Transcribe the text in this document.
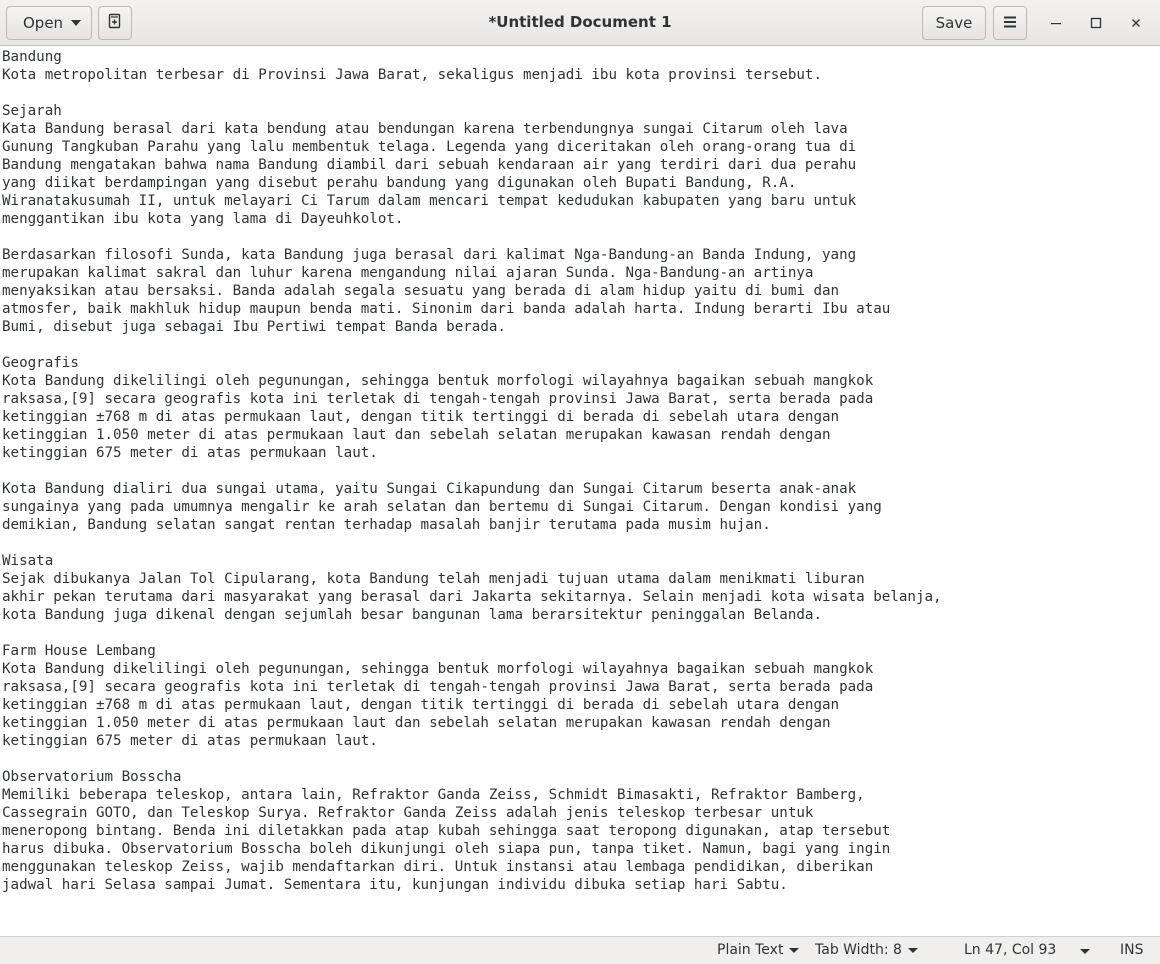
Open	*Untitled Document 1	Save
Bandung
Kota metropolitan terbesar di Provinsi Jawa Barat, sekaligus menjadi ibu kota provinsi tersebut.

Sejarah
Kata Bandung berasal dari kata bendung atau bendungan karena terbendungnya sungai Citarum oleh lava
Gunung Tangkuban Parahu yang lalu membentuk telaga. Legenda yang diceritakan oleh orang-orang tua di
Bandung mengatakan bahwa nama Bandung diambil dari sebuah kendaraan air yang terdiri dari dua perahu
yang diikat berdampingan yang disebut perahu bandung yang digunakan oleh Bupati Bandung, R.A.
Wiranatakusumah II, untuk melayari Ci Tarum dalam mencari tempat kedudukan kabupaten yang baru untuk
menggantikan ibu kota yang lama di Dayeuhkolot.

Berdasarkan filosofi Sunda, kata Bandung juga berasal dari kalimat Nga-Bandung-an Banda Indung, yang
merupakan kalimat sakral dan luhur karena mengandung nilai ajaran Sunda. Nga-Bandung-an artinya
menyaksikan atau bersaksi. Banda adalah segala sesuatu yang berada di alam hidup yaitu di bumi dan
atmosfer, baik makhluk hidup maupun benda mati. Sinonim dari banda adalah harta. Indung berarti Ibu atau
Bumi, disebut juga sebagai Ibu Pertiwi tempat Banda berada.

Geografis
Kota Bandung dikelilingi oleh pegunungan, sehingga bentuk morfologi wilayahnya bagaikan sebuah mangkok
raksasa,[9] secara geografis kota ini terletak di tengah-tengah provinsi Jawa Barat, serta berada pada
ketinggian ±768 m di atas permukaan laut, dengan titik tertinggi di berada di sebelah utara dengan
ketinggian 1.050 meter di atas permukaan laut dan sebelah selatan merupakan kawasan rendah dengan
ketinggian 675 meter di atas permukaan laut.

Kota Bandung dialiri dua sungai utama, yaitu Sungai Cikapundung dan Sungai Citarum beserta anak-anak
sungainya yang pada umumnya mengalir ke arah selatan dan bertemu di Sungai Citarum. Dengan kondisi yang
demikian, Bandung selatan sangat rentan terhadap masalah banjir terutama pada musim hujan.

Wisata
Sejak dibukanya Jalan Tol Cipularang, kota Bandung telah menjadi tujuan utama dalam menikmati liburan
akhir pekan terutama dari masyarakat yang berasal dari Jakarta sekitarnya. Selain menjadi kota wisata belanja,
kota Bandung juga dikenal dengan sejumlah besar bangunan lama berarsitektur peninggalan Belanda.

Farm House Lembang
Kota Bandung dikelilingi oleh pegunungan, sehingga bentuk morfologi wilayahnya bagaikan sebuah mangkok
raksasa,[9] secara geografis kota ini terletak di tengah-tengah provinsi Jawa Barat, serta berada pada
ketinggian ±768 m di atas permukaan laut, dengan titik tertinggi di berada di sebelah utara dengan
ketinggian 1.050 meter di atas permukaan laut dan sebelah selatan merupakan kawasan rendah dengan
ketinggian 675 meter di atas permukaan laut.

Observatorium Bosscha
Memiliki beberapa teleskop, antara lain, Refraktor Ganda Zeiss, Schmidt Bimasakti, Refraktor Bamberg,
Cassegrain GOTO, dan Teleskop Surya. Refraktor Ganda Zeiss adalah jenis teleskop terbesar untuk
meneropong bintang. Benda ini diletakkan pada atap kubah sehingga saat teropong digunakan, atap tersebut
harus dibuka. Observatorium Bosscha boleh dikunjungi oleh siapa pun, tanpa tiket. Namun, bagi yang ingin
menggunakan teleskop Zeiss, wajib mendaftarkan diri. Untuk instansi atau lembaga pendidikan, diberikan
jadwal hari Selasa sampai Jumat. Sementara itu, kunjungan individu dibuka setiap hari Sabtu.
Plain Text Tab Width: 8	Ln 47, Col 93	INS
